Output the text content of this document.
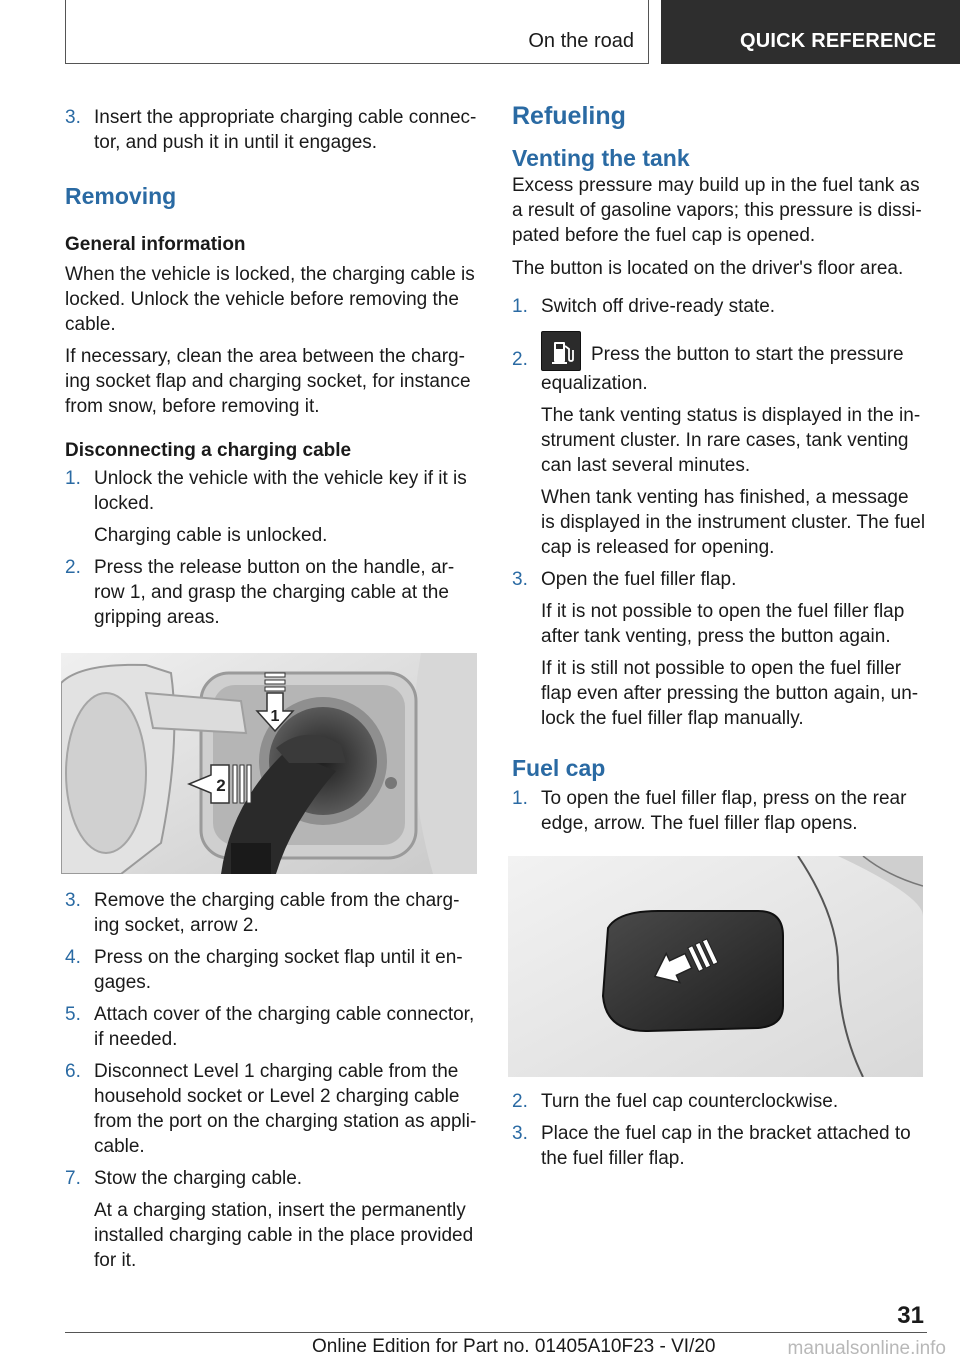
On the road	QUICK REFERENCE
3. Insert the appropriate charging cable connector, and push it in until it engages.
Removing
General information

When the vehicle is locked, the charging cable is locked. Unlock the vehicle before removing the cable.

If necessary, clean the area between the charging socket flap and charging socket, for instance from snow, before removing it.

Disconnecting a charging cable
1. Unlock the vehicle with the vehicle key if it is locked.
Charging cable is unlocked.
2. Press the release button on the handle, arrow 1, and grasp the charging cable at the gripping areas.
1
2
3. Remove the charging cable from the charging socket, arrow 2.
4. Press on the charging socket flap until it engages.
5. Attach cover of the charging cable connector, if needed.
6. Disconnect Level 1 charging cable from the household socket or Level 2 charging cable from the port on the charging station as applicable.
7. Stow the charging cable.
At a charging station, insert the permanently installed charging cable in the place provided for it.
Refueling
Venting the tank

Excess pressure may build up in the fuel tank as a result of gasoline vapors; this pressure is dissipated before the fuel cap is opened.

The button is located on the driver's floor area.

1. Switch off drive-ready state.
2.	Press the button to start the pressure equalization.
The tank venting status is displayed in the instrument cluster. In rare cases, tank venting can last several minutes.
When tank venting has finished, a message is displayed in the instrument cluster. The fuel cap is released for opening.
3. Open the fuel filler flap.
If it is not possible to open the fuel filler flap after tank venting, press the button again.
If it is still not possible to open the fuel filler flap even after pressing the button again, unlock the fuel filler flap manually.
Fuel cap
1. To open the fuel filler flap, press on the rear edge, arrow. The fuel filler flap opens.
2. Turn the fuel cap counterclockwise.
3. Place the fuel cap in the bracket attached to the fuel filler flap.
31
Online Edition for Part no. 01405A10F23 - VI/20	manualsonline.info
